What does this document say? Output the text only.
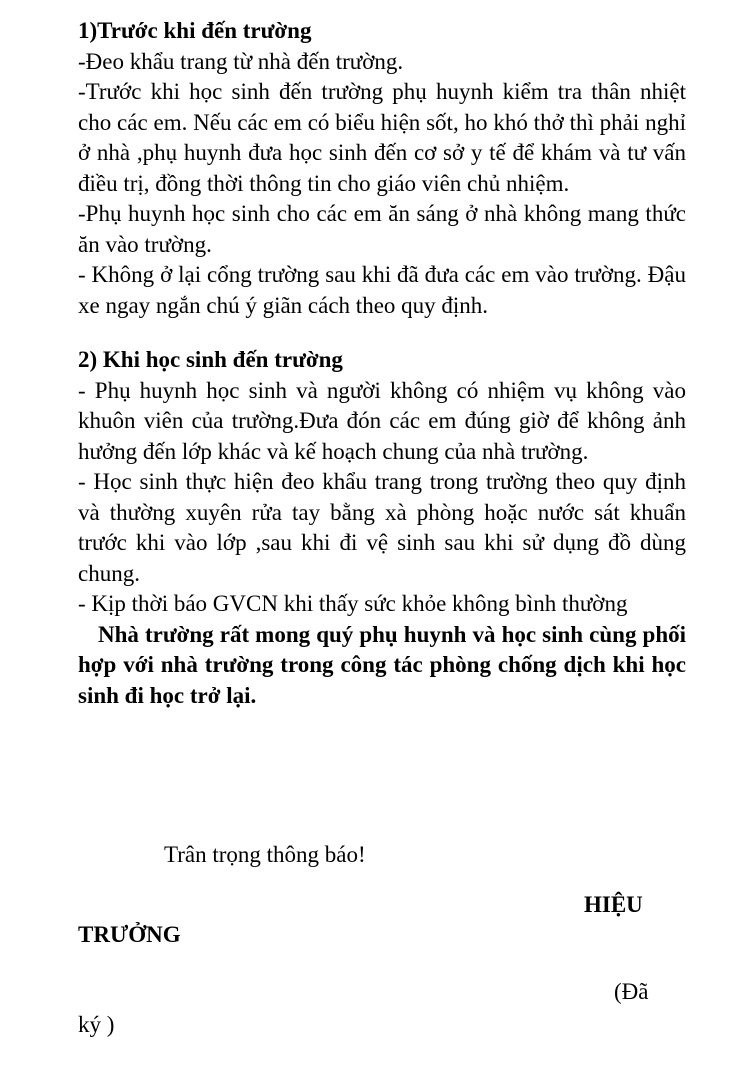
1)Trước khi đến trường

-Đeo khẩu trang từ nhà đến trường.

-Trước khi học sinh đến trường phụ huynh kiểm tra thân nhiệt cho các em. Nếu các em có biểu hiện sốt, ho khó thở thì phải nghỉ ở nhà ,phụ huynh đưa học sinh đến cơ sở y tế để khám và tư vấn điều trị, đồng thời thông tin cho giáo viên chủ nhiệm.

-Phụ huynh học sinh cho các em ăn sáng ở nhà không mang thức ăn vào trường.

- Không ở lại cổng trường sau khi đã đưa các em vào trường. Đậu xe ngay ngắn chú ý giãn cách theo quy định.

2) Khi học sinh đến trường

- Phụ huynh học sinh và người không có nhiệm vụ không vào khuôn viên của trường.Đưa đón các em đúng giờ để không ảnh hưởng đến lớp khác và kế hoạch chung của nhà trường.

- Học sinh thực hiện đeo khẩu trang trong trường theo quy định và thường xuyên rửa tay bằng xà phòng hoặc nước sát khuẩn trước khi vào lớp ,sau khi đi vệ sinh sau khi sử dụng đồ dùng chung.

- Kịp thời báo GVCN khi thấy sức khỏe không bình thường

Nhà trường rất mong quý phụ huynh và học sinh cùng phối hợp với nhà trường trong công tác phòng chống dịch khi học sinh đi học trở lại.

Trân trọng thông báo!
HIỆU
TRƯỞNG
(Đã
ký )
